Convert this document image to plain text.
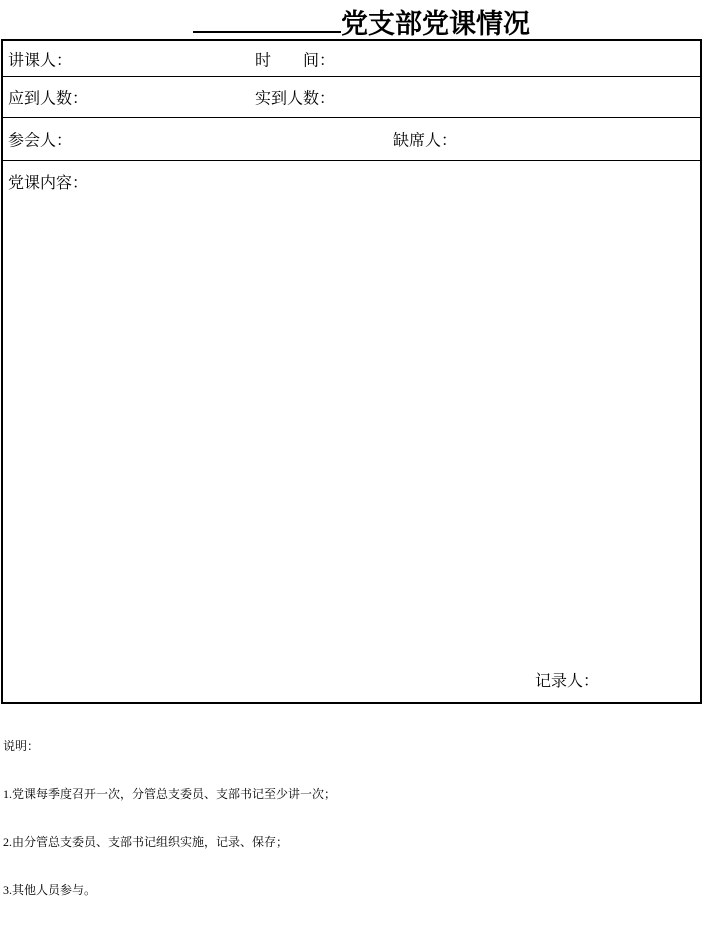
党支部党课情况
讲课人：	时　　间：
应到人数：	实到人数：
参会人：	缺席人：
党课内容：
记录人：

说明：

1.党课每季度召开一次，分管总支委员、支部书记至少讲一次；

2.由分管总支委员、支部书记组织实施，记录、保存；

3.其他人员参与。
